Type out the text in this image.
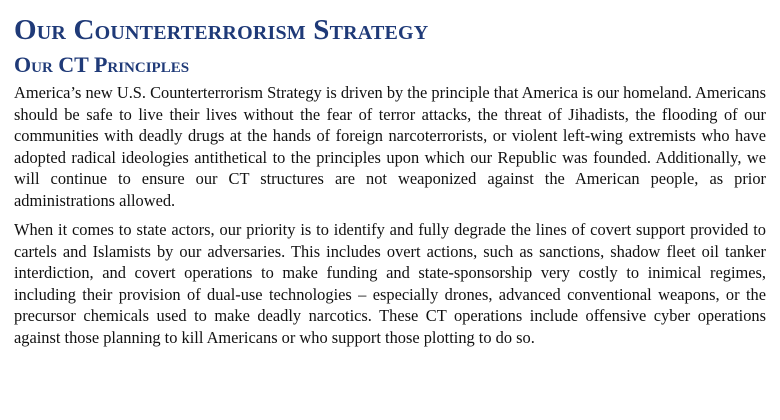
Our Counterterrorism Strategy
Our CT Principles

America’s new U.S. Counterterrorism Strategy is driven by the principle that America is our homeland. Americans should be safe to live their lives without the fear of terror attacks, the threat of Jihadists, the flooding of our communities with deadly drugs at the hands of foreign narcoterrorists, or violent left-wing extremists who have adopted radical ideologies antithetical to the principles upon which our Republic was founded. Additionally, we will continue to ensure our CT structures are not weaponized against the American people, as prior administrations allowed.

When it comes to state actors, our priority is to identify and fully degrade the lines of covert support provided to cartels and Islamists by our adversaries. This includes overt actions, such as sanctions, shadow fleet oil tanker interdiction, and covert operations to make funding and state-sponsorship very costly to inimical regimes, including their provision of dual-use technologies – especially drones, advanced conventional weapons, or the precursor chemicals used to make deadly narcotics. These CT operations include offensive cyber operations against those planning to kill Americans or who support those plotting to do so.
